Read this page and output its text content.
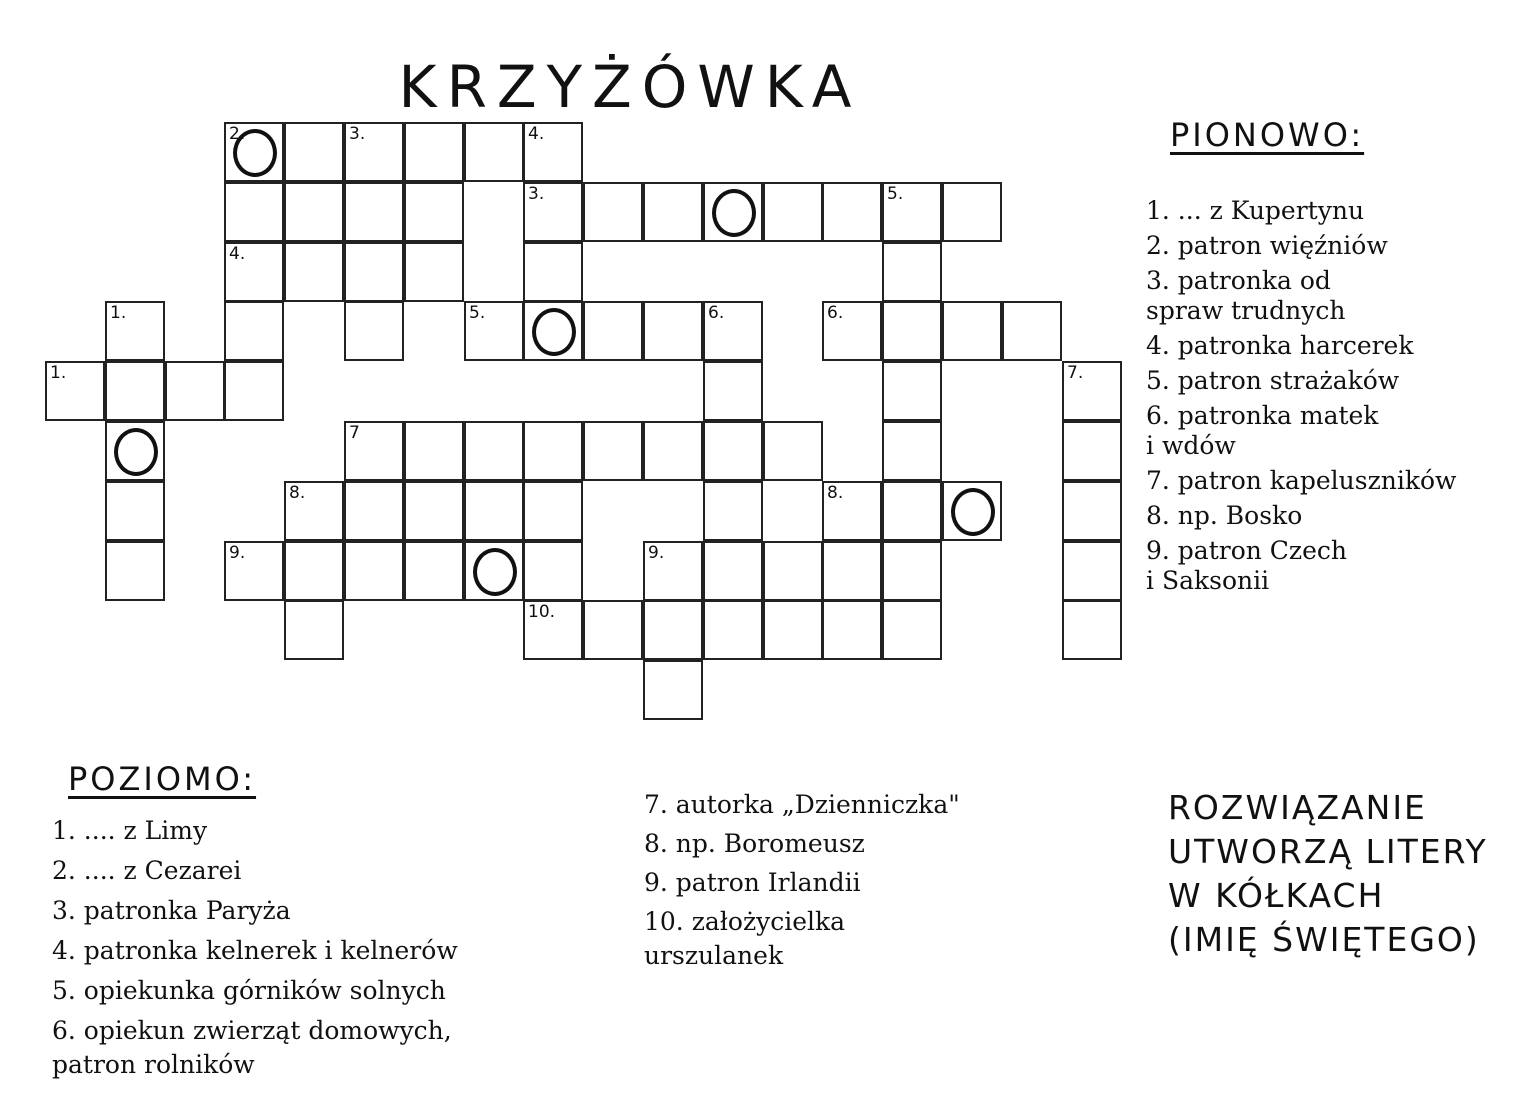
KRZYŻÓWKA
2.	3.	4.
3.	5.
4.
1.	5.	6.	6.
1.	7.
7
8.	8.
9.	9.
10.
PIONOWO:
1. ... z Kupertynu
2. patron więźniów
3. patronka od
spraw trudnych
4. patronka harcerek
5. patron strażaków
6. patronka matek
i wdów
7. patron kapeluszników
8. np. Bosko
9. patron Czech
i Saksonii
POZIOMO:
1. .... z Limy
2. .... z Cezarei
3. patronka Paryża
4. patronka kelnerek i kelnerów
5. opiekunka górników solnych
6. opiekun zwierząt domowych,
patron rolników
7. autorka „Dzienniczka"
8. np. Boromeusz
9. patron Irlandii
10. założycielka
urszulanek

ROZWIĄZANIE
UTWORZĄ LITERY
W KÓŁKACH
(IMIĘ ŚWIĘTEGO)
